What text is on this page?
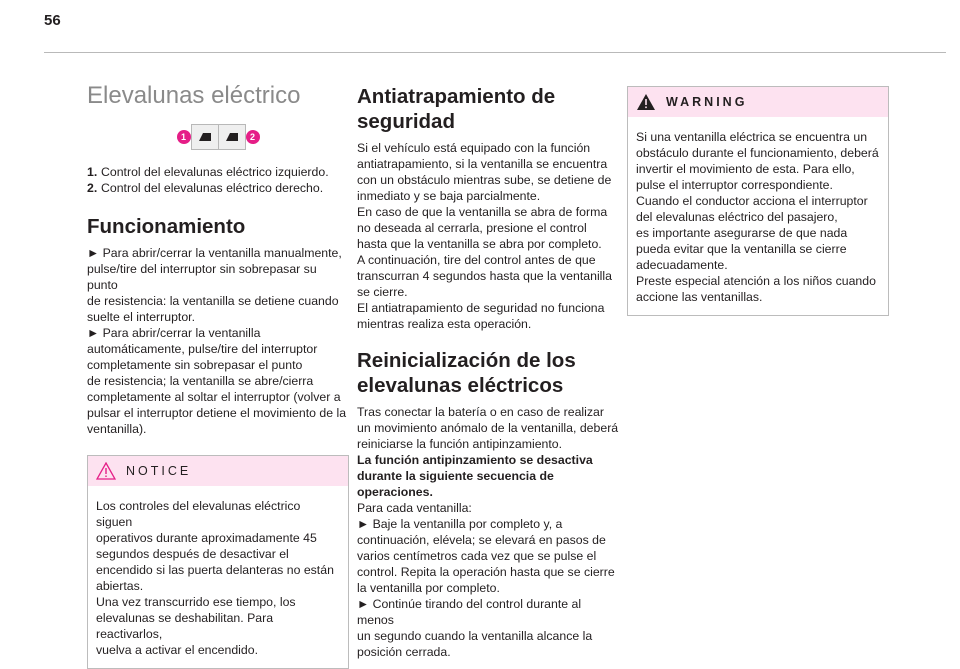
56
Elevalunas eléctrico
1	2
1. Control del elevalunas eléctrico izquierdo.
2. Control del elevalunas eléctrico derecho.
Funcionamiento

► Para abrir/cerrar la ventanilla manualmente,

pulse/tire del interruptor sin sobrepasar su punto

de resistencia: la ventanilla se detiene cuando

suelte el interruptor.

► Para abrir/cerrar la ventanilla

automáticamente, pulse/tire del interruptor

completamente sin sobrepasar el punto

de resistencia; la ventanilla se abre/cierra

completamente al soltar el interruptor (volver a

pulsar el interruptor detiene el movimiento de la

ventanilla).

NOTICE

Los controles del elevalunas eléctrico siguen

operativos durante aproximadamente 45

segundos después de desactivar el

encendido si las puerta delanteras no están

abiertas.

Una vez transcurrido ese tiempo, los

elevalunas se deshabilitan. Para reactivarlos,

vuelva a activar el encendido.

Antiatrapamiento de
seguridad

Si el vehículo está equipado con la función

antiatrapamiento, si la ventanilla se encuentra

con un obstáculo mientras sube, se detiene de

inmediato y se baja parcialmente.

En caso de que la ventanilla se abra de forma

no deseada al cerrarla, presione el control

hasta que la ventanilla se abra por completo.

A continuación, tire del control antes de que

transcurran 4 segundos hasta que la ventanilla

se cierre.

El antiatrapamiento de seguridad no funciona

mientras realiza esta operación.

Reinicialización de los
elevalunas eléctricos

Tras conectar la batería o en caso de realizar

un movimiento anómalo de la ventanilla, deberá

reiniciarse la función antipinzamiento.

La función antipinzamiento se desactiva

durante la siguiente secuencia de

operaciones.

Para cada ventanilla:

► Baje la ventanilla por completo y, a

continuación, elévela; se elevará en pasos de

varios centímetros cada vez que se pulse el

control. Repita la operación hasta que se cierre

la ventanilla por completo.

► Continúe tirando del control durante al menos

un segundo cuando la ventanilla alcance la

posición cerrada.

WARNING

Si una ventanilla eléctrica se encuentra un

obstáculo durante el funcionamiento, deberá

invertir el movimiento de esta. Para ello,

pulse el interruptor correspondiente.

Cuando el conductor acciona el interruptor

del elevalunas eléctrico del pasajero,

es importante asegurarse de que nada

pueda evitar que la ventanilla se cierre

adecuadamente.

Preste especial atención a los niños cuando

accione las ventanillas.
